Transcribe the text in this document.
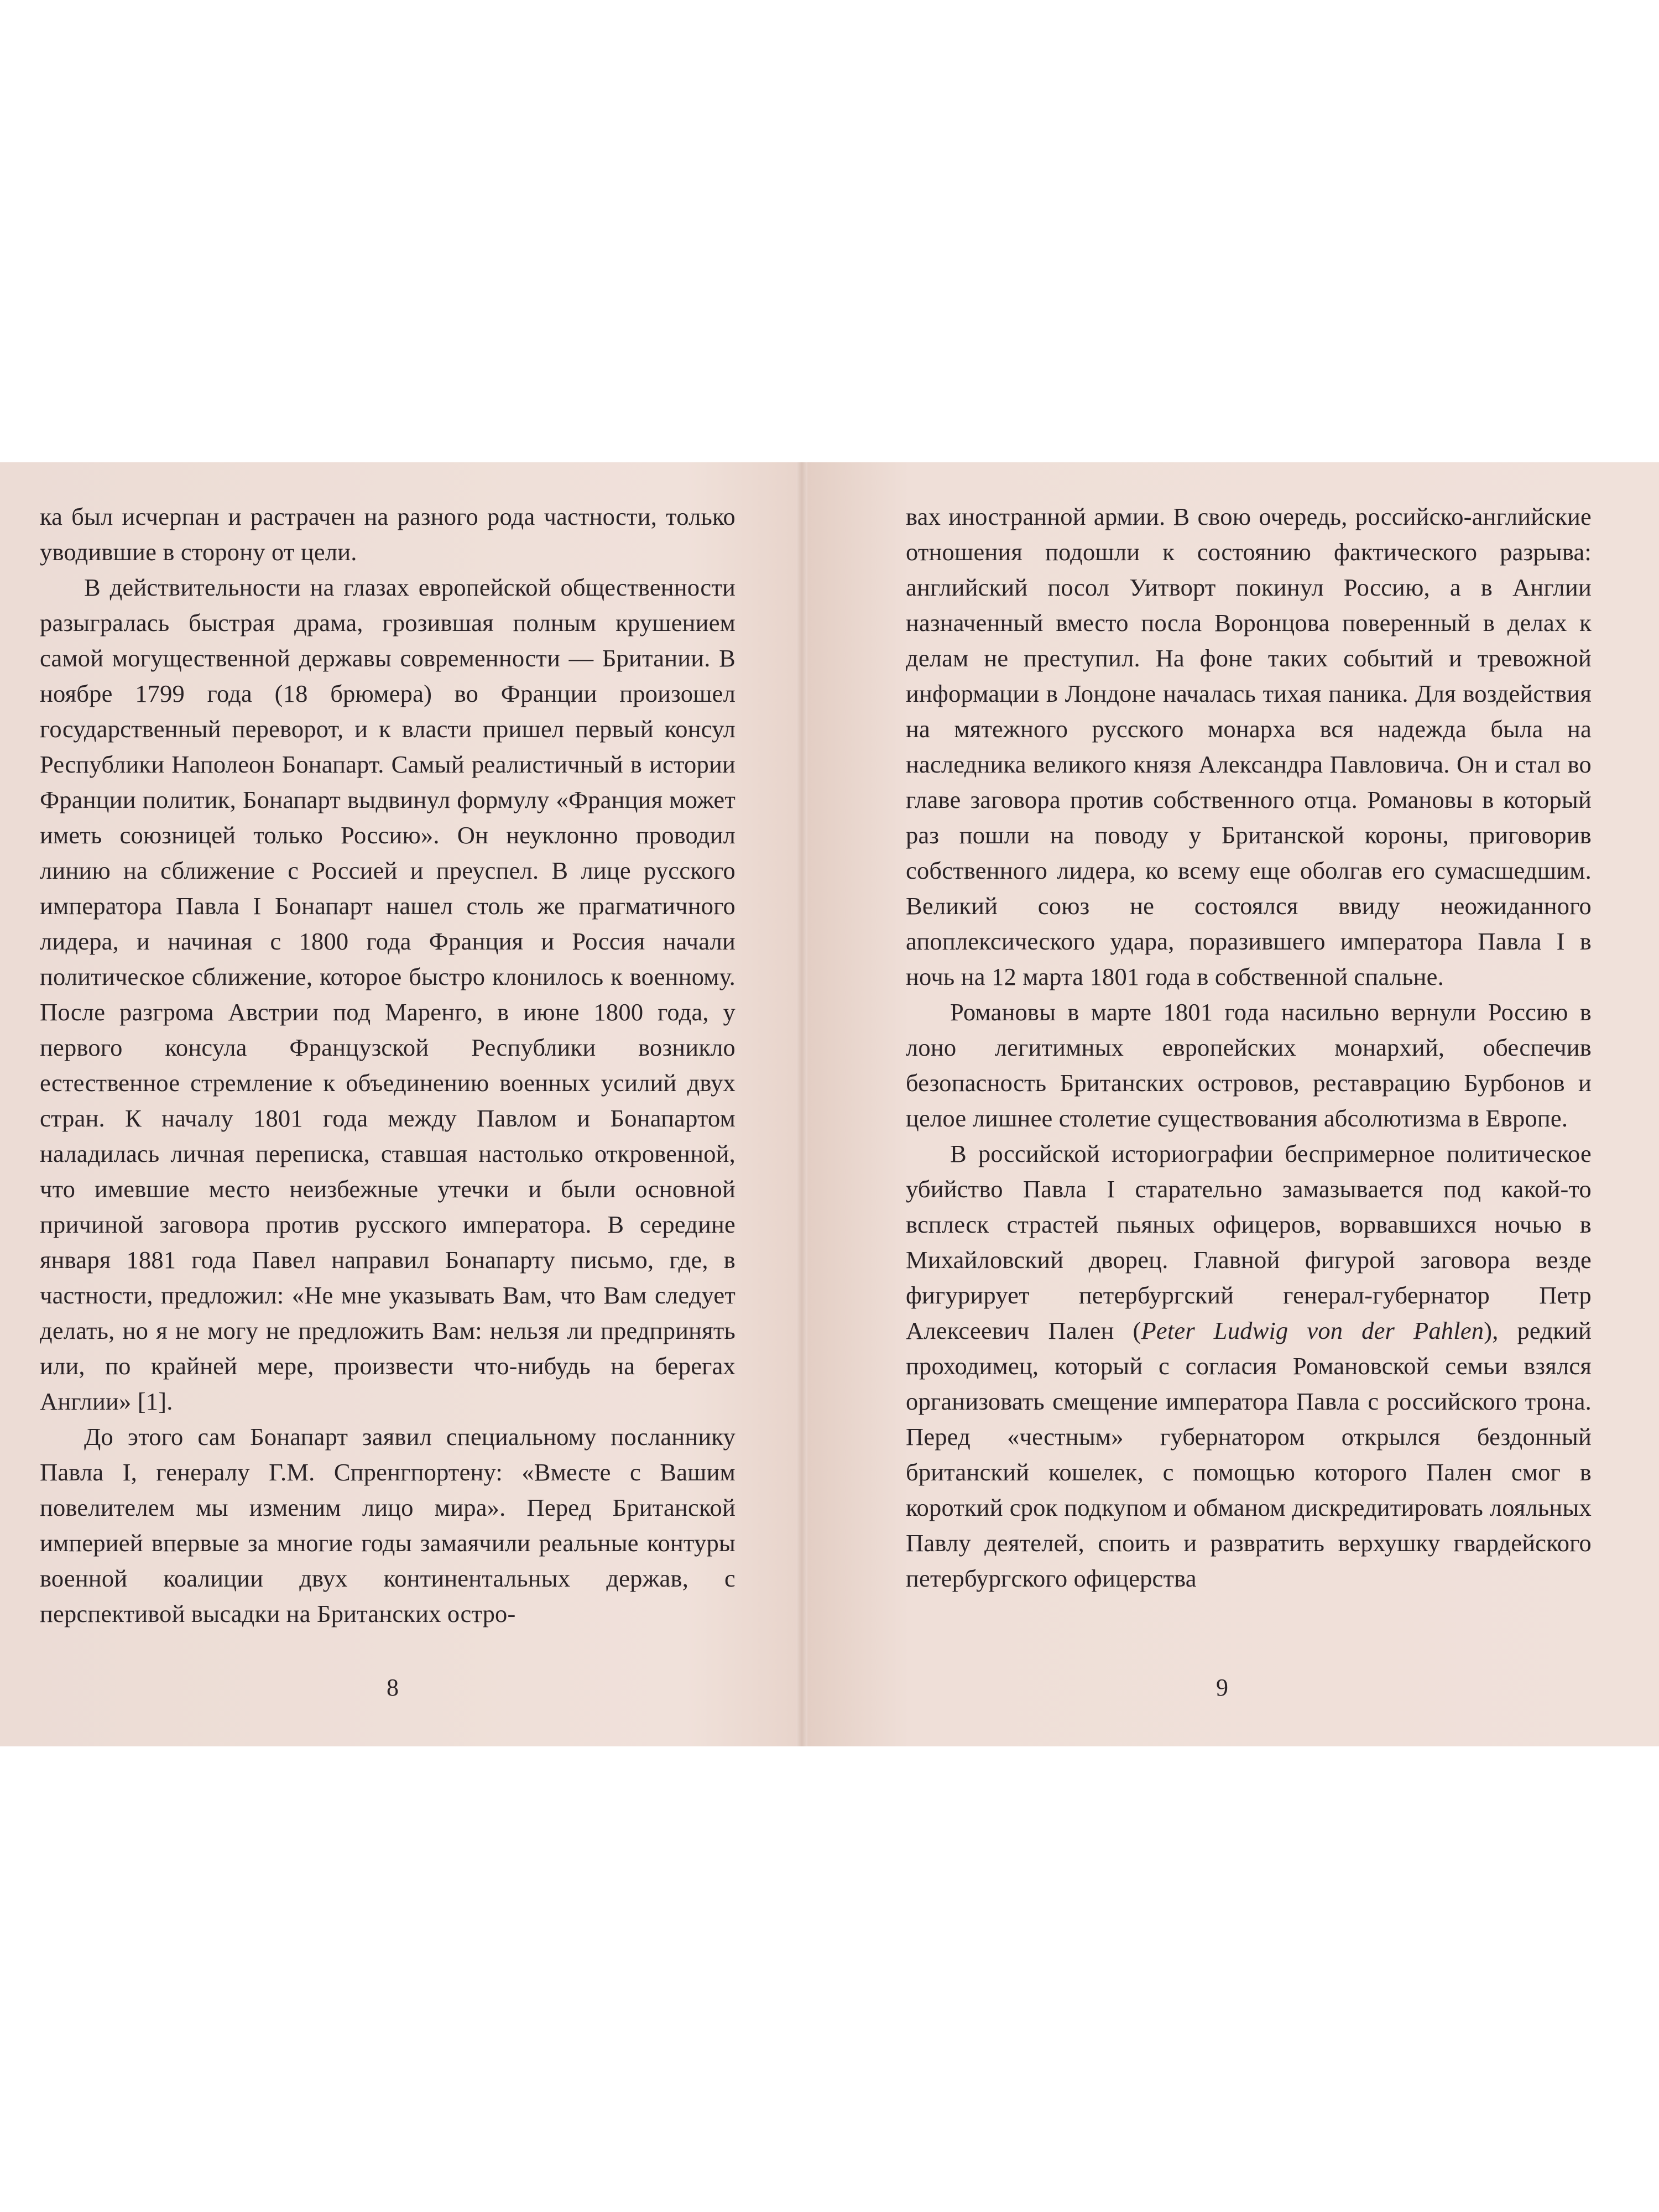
ка был исчерпан и растрачен на разного рода частности, только уводившие в сторону от цели.

В действительности на глазах европейской общественности разыгралась быстрая драма, грозившая полным крушением самой могущественной державы современности — Британии. В ноябре 1799 года (18 брюмера) во Франции произошел государственный переворот, и к власти пришел первый консул Республики Наполеон Бонапарт. Самый реалистичный в истории Франции политик, Бонапарт выдвинул формулу «Франция может иметь союзницей только Россию». Он неуклонно проводил линию на сближение с Россией и преуспел. В лице русского императора Павла I Бонапарт нашел столь же прагматичного лидера, и начиная с 1800 года Франция и Россия начали политическое сближение, которое быстро клонилось к военному. После разгрома Австрии под Маренго, в июне 1800 года, у первого консула Французской Республики возникло естественное стремление к объединению военных усилий двух стран. К началу 1801 года между Павлом и Бонапартом наладилась личная переписка, ставшая настолько откровенной, что имевшие место неизбежные утечки и были основной причиной заговора против русского императора. В середине января 1881 года Павел направил Бонапарту письмо, где, в частности, предложил: «Не мне указывать Вам, что Вам следует делать, но я не могу не предложить Вам: нельзя ли предпринять или, по крайней мере, произвести что-нибудь на берегах Англии» [1].

До этого сам Бонапарт заявил специальному посланнику Павла I, генералу Г.М. Спренгпортену: «Вместе с Вашим повелителем мы изменим лицо мира». Перед Британской империей впервые за многие годы замаячили реальные контуры военной коалиции двух континентальных держав, с перспективой высадки на Британских остро-

8

вах иностранной армии. В свою очередь, российско-английские отношения подошли к состоянию фактического разрыва: английский посол Уитворт покинул Россию, а в Англии назначенный вместо посла Воронцова поверенный в делах к делам не преступил. На фоне таких событий и тревожной информации в Лондоне началась тихая паника. Для воздействия на мятежного русского монарха вся надежда была на наследника великого князя Александра Павловича. Он и стал во главе заговора против собственного отца. Романовы в который раз пошли на поводу у Британской короны, приговорив собственного лидера, ко всему еще оболгав его сумасшедшим. Великий союз не состоялся ввиду неожиданного апоплексического удара, поразившего императора Павла I в ночь на 12 марта 1801 года в собственной спальне.

Романовы в марте 1801 года насильно вернули Россию в лоно легитимных европейских монархий, обеспечив безопасность Британских островов, реставрацию Бурбонов и целое лишнее столетие существования абсолютизма в Европе.

В российской историографии беспримерное политическое убийство Павла I старательно замазывается под какой-то всплеск страстей пьяных офицеров, ворвавшихся ночью в Михайловский дворец. Главной фигурой заговора везде фигурирует петербургский генерал-губернатор Петр Алексеевич Пален (Peter Ludwig von der Pahlen), редкий проходимец, который с согласия Романовской семьи взялся организовать смещение императора Павла с российского трона. Перед «честным» губернатором открылся бездонный британский кошелек, с помощью которого Пален смог в короткий срок подкупом и обманом дискредитировать лояльных Павлу деятелей, споить и развратить верхушку гвардейского петербургского офицерства

9
